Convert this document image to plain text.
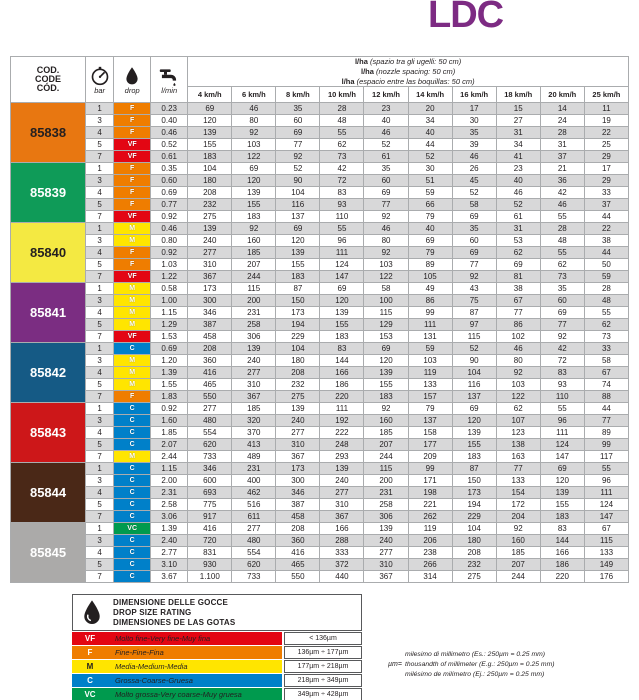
LDC
COD.
CODE
CÓD.	bar	drop	l/min

l/ha (spazio tra gli ugelli: 50 cm)
l/ha (nozzle spacing: 50 cm)
l/ha (espacio entre las boquillas: 50 cm)

				4 km/h	6 km/h	8 km/h	10 km/h	12 km/h	14 km/h	16 km/h	18 km/h	20 km/h	25 km/h
85838	1	F	0.23	69	46	35	28	23	20	17	15	14	11
	3	F	0.40	120	80	60	48	40	34	30	27	24	19
	4	F	0.46	139	92	69	55	46	40	35	31	28	22
	5	VF	0.52	155	103	77	62	52	44	39	34	31	25
	7	VF	0.61	183	122	92	73	61	52	46	41	37	29
85839	1	F	0.35	104	69	52	42	35	30	26	23	21	17
	3	F	0.60	180	120	90	72	60	51	45	40	36	29
	4	F	0.69	208	139	104	83	69	59	52	46	42	33
	5	F	0.77	232	155	116	93	77	66	58	52	46	37
	7	VF	0.92	275	183	137	110	92	79	69	61	55	44
85840	1	M	0.46	139	92	69	55	46	40	35	31	28	22
	3	M	0.80	240	160	120	96	80	69	60	53	48	38
	4	F	0.92	277	185	139	111	92	79	69	62	55	44
	5	F	1.03	310	207	155	124	103	89	77	69	62	50
	7	VF	1.22	367	244	183	147	122	105	92	81	73	59
85841	1	M	0.58	173	115	87	69	58	49	43	38	35	28
	3	M	1.00	300	200	150	120	100	86	75	67	60	48
	4	M	1.15	346	231	173	139	115	99	87	77	69	55
	5	M	1.29	387	258	194	155	129	111	97	86	77	62
	7	VF	1.53	458	306	229	183	153	131	115	102	92	73
85842	1	C	0.69	208	139	104	83	69	59	52	46	42	33
	3	M	1.20	360	240	180	144	120	103	90	80	72	58
	4	M	1.39	416	277	208	166	139	119	104	92	83	67
	5	M	1.55	465	310	232	186	155	133	116	103	93	74
	7	F	1.83	550	367	275	220	183	157	137	122	110	88
85843	1	C	0.92	277	185	139	111	92	79	69	62	55	44
	3	C	1.60	480	320	240	192	160	137	120	107	96	77
	4	C	1.85	554	370	277	222	185	158	139	123	111	89
	5	C	2.07	620	413	310	248	207	177	155	138	124	99
	7	M	2.44	733	489	367	293	244	209	183	163	147	117
85844	1	C	1.15	346	231	173	139	115	99	87	77	69	55
	3	C	2.00	600	400	300	240	200	171	150	133	120	96
	4	C	2.31	693	462	346	277	231	198	173	154	139	111
	5	C	2.58	775	516	387	310	258	221	194	172	155	124
	7	C	3.06	917	611	458	367	306	262	229	204	183	147
85845	1	VC	1.39	416	277	208	166	139	119	104	92	83	67
	3	C	2.40	720	480	360	288	240	206	180	160	144	115
	4	C	2.77	831	554	416	333	277	238	208	185	166	133
	5	C	3.10	930	620	465	372	310	266	232	207	186	149
	7	C	3.67	1.100	733	550	440	367	314	275	244	220	176
DIMENSIONE DELLE GOCCE
DROP SIZE RATING
DIMENSIONES DE LAS GOTAS
VF	Molto fine-Very fine-Muy fina	< 136µm
F	Fine-Fine-Fina	136µm ÷ 177µm
M	Media-Medium-Media	177µm ÷ 218µm
C	Grossa-Coarse-Gruesa	218µm ÷ 349µm
VC	Molto grossa-Very coarse-Muy gruesa	349µm ÷ 428µm
µm=
milesimo di millimetro (Es.: 250µm = 0.25 mm)
thousandth of millimeter (E.g.: 250µm = 0.25 mm)
milésimo de milímetro (Ej.: 250µm = 0.25 mm)
